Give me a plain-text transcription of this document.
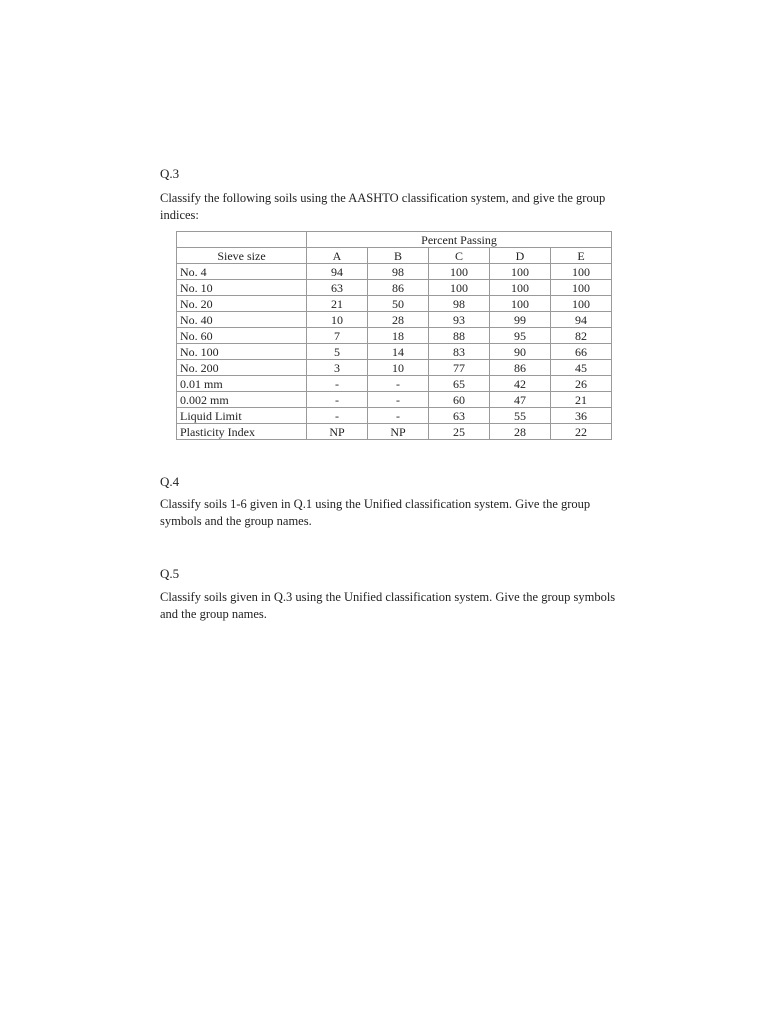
Q.3
Classify the following soils using the AASHTO classification system, and give the group indices:
	Percent Passing				
Sieve size	A	B	C	D	E
No. 4	94	98	100	100	100
No. 10	63	86	100	100	100
No. 20	21	50	98	100	100
No. 40	10	28	93	99	94
No. 60	7	18	88	95	82
No. 100	5	14	83	90	66
No. 200	3	10	77	86	45
0.01 mm	-	-	65	42	26
0.002 mm	-	-	60	47	21
Liquid Limit	-	-	63	55	36
Plasticity Index	NP	NP	25	28	22
Q.4
Classify soils 1-6 given in Q.1 using the Unified classification system. Give the group symbols and the group names.
Q.5
Classify soils given in Q.3 using the Unified classification system. Give the group symbols and the group names.
